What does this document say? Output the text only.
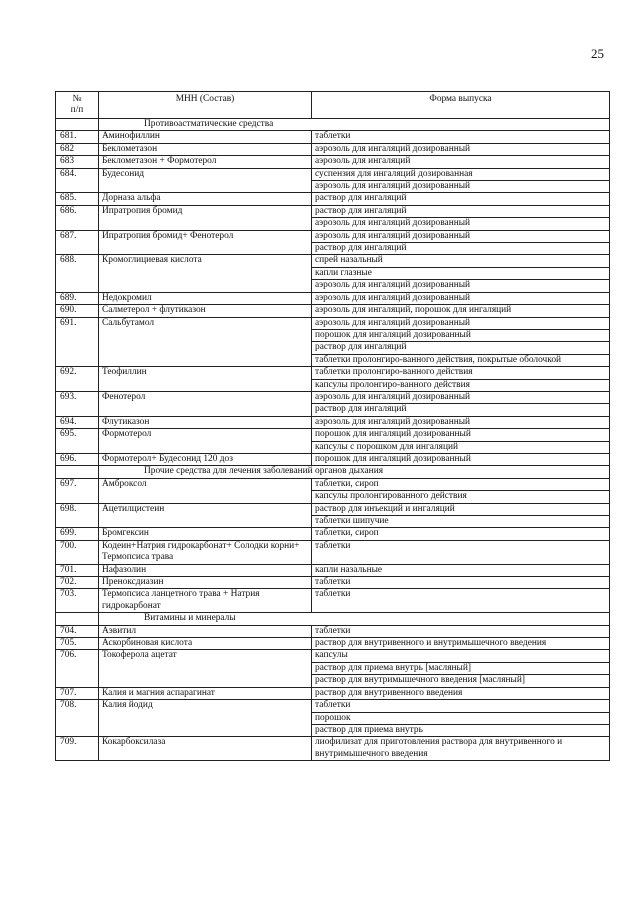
25
№
п/п	МНН (Состав)	Форма выпуска
	Противоастматические средства	
681.	Аминофиллин	таблетки
682	Беклометазон	аэрозоль для ингаляций дозированный
683	Беклометазон + Формотерол	аэрозоль для ингаляций
684.	Будесонид	суспензия для ингаляций дозированная
		аэрозоль для ингаляций дозированный
685.	Дорназа альфа	раствор для ингаляций
686.	Ипратропия бромид	раствор для ингаляций
		аэрозоль для ингаляций дозированный
687.	Ипратропия бромид+ Фенотерол	аэрозоль для ингаляций дозированный
		раствор для ингаляций
688.	Кромоглициевая кислота	спрей назальный
		капли глазные
		аэрозоль для ингаляций дозированный
689.	Недокромил	аэрозоль для ингаляций дозированный
690.	Салметерол + флутиказон	аэрозоль для ингаляций, порошок для ингаляций
691.	Сальбутамол	аэрозоль для ингаляций дозированный
		порошок для ингаляций дозированный
		раствор для ингаляций
		таблетки пролонгиро-ванного действия, покрытые оболочкой
692.	Теофиллин	таблетки пролонгиро-ванного действия
		капсулы пролонгиро-ванного действия
693.	Фенотерол	аэрозоль для ингаляций дозированный
		раствор для ингаляций
694.	Флутиказон	аэрозоль для ингаляций дозированный
695.	Формотерол	порошок для ингаляций дозированный
		капсулы с порошком для ингаляций
696.	Формотерол+ Будесонид 120 доз	порошок для ингаляций дозированный
	Прочие средства для лечения заболеваний органов дыхания	
697.	Амброксол	таблетки, сироп
		капсулы пролонгированного действия
698.	Ацетилцистеин	раствор для инъекций и ингаляций
		таблетки шипучие
699.	Бромгексин	таблетки, сироп
700.	Кодеин+Натрия гидрокарбонат+ Солодки корни+ Термопсиса трава	таблетки
701.	Нафазолин	капли назальные
702.	Преноксдиазин	таблетки
703.	Термопсиса ланцетного трава + Натрия гидрокарбонат	таблетки
	Витамины и минералы	
704.	Аэвитил	таблетки
705.	Аскорбиновая кислота	раствор для внутривенного и внутримышечного введения
706.	Токоферола ацетат	капсулы
		раствор для приема внутрь [масляный]
		раствор для внутримышечного введения [масляный]
707.	Калия и магния аспарагинат	раствор для внутривенного введения
708.	Калия йодид	таблетки
		порошок
		раствор для приема внутрь
709.	Кокарбоксилаза	лиофилизат для приготовления раствора для внутривенного и внутримышечного введения
